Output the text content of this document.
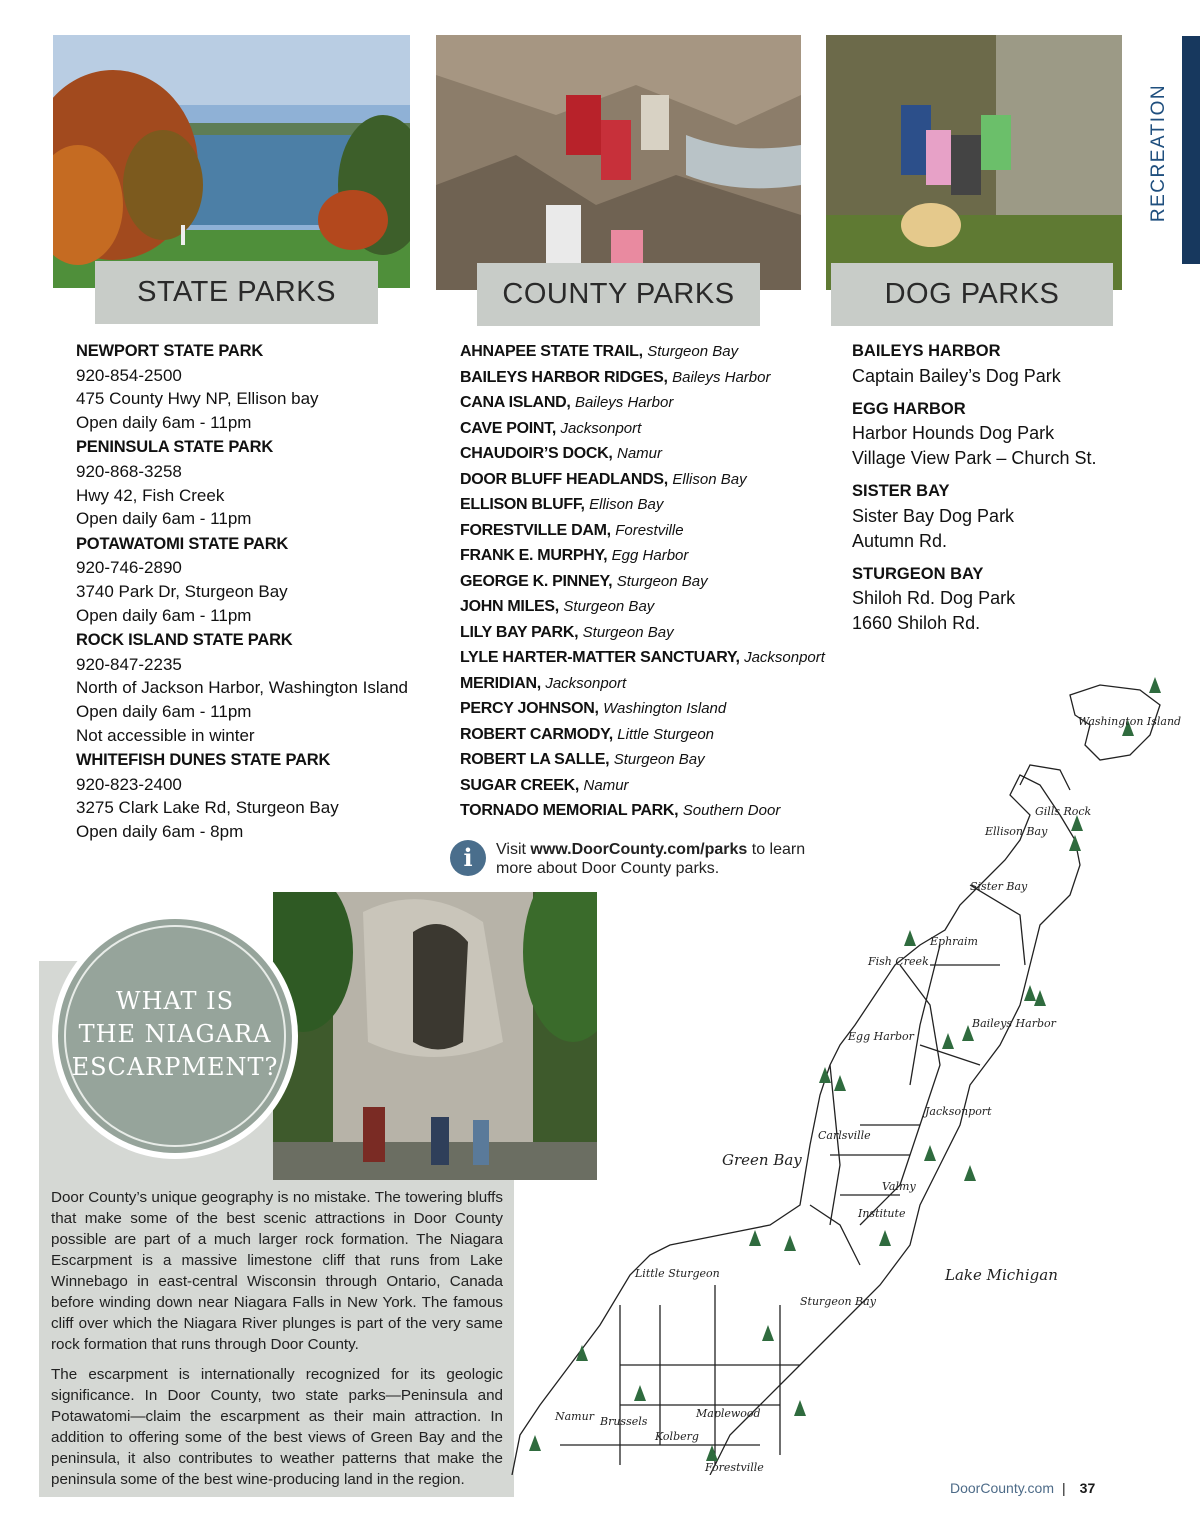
RECREATION
STATE PARKS	COUNTY PARKS	DOG PARKS
NEWPORT STATE PARK
920-854-2500
475 County Hwy NP, Ellison bay
Open daily 6am - 11pm
PENINSULA STATE PARK
920-868-3258
Hwy 42, Fish Creek
Open daily 6am - 11pm
POTAWATOMI STATE PARK
920-746-2890
3740 Park Dr, Sturgeon Bay
Open daily 6am - 11pm
ROCK ISLAND STATE PARK
920-847-2235
North of Jackson Harbor, Washington Island
Open daily 6am - 11pm
Not accessible in winter
WHITEFISH DUNES STATE PARK
920-823-2400
3275 Clark Lake Rd, Sturgeon Bay
Open daily 6am - 8pm
AHNAPEE STATE TRAIL, Sturgeon Bay
BAILEYS HARBOR RIDGES, Baileys Harbor
CANA ISLAND, Baileys Harbor
CAVE POINT, Jacksonport
CHAUDOIR’S DOCK, Namur
DOOR BLUFF HEADLANDS, Ellison Bay
ELLISON BLUFF, Ellison Bay
FORESTVILLE DAM, Forestville
FRANK E. MURPHY, Egg Harbor
GEORGE K. PINNEY, Sturgeon Bay
JOHN MILES, Sturgeon Bay
LILY BAY PARK, Sturgeon Bay
LYLE HARTER-MATTER SANCTUARY, Jacksonport
MERIDIAN, Jacksonport
PERCY JOHNSON, Washington Island
ROBERT CARMODY, Little Sturgeon
ROBERT LA SALLE, Sturgeon Bay
SUGAR CREEK, Namur
TORNADO MEMORIAL PARK, Southern Door
BAILEYS HARBOR
Captain Bailey’s Dog Park
EGG HARBOR
Harbor Hounds Dog Park
Village View Park – Church St.
SISTER BAY
Sister Bay Dog Park
Autumn Rd.
STURGEON BAY
Shiloh Rd. Dog Park
1660 Shiloh Rd.
i	Visit www.DoorCounty.com/parks to learn more about Door County parks.
WHAT IS
THE NIAGARA
ESCARPMENT?

Door County’s unique geography is no mistake. The towering bluffs that make some of the best scenic attractions in Door County possible are part of a much larger rock formation. The Niagara Escarpment is a massive limestone cliff that runs from Lake Winnebago in east-central Wisconsin through Ontario, Canada before winding down near Niagara Falls in New York. The famous cliff over which the Niagara River plunges is part of the very same rock formation that runs through Door County.

The escarpment is internationally recognized for its geologic significance. In Door County, two state parks—Peninsula and Potawatomi—claim the escarpment as their main attraction. In addition to offering some of the best views of Green Bay and the peninsula, it also contributes to weather patterns that make the peninsula some of the best wine-producing land in the region.

Washington Island
Gills Rock
Ellison Bay
Sister Bay
Ephraim
Fish Creek
Baileys Harbor
Egg Harbor
Jacksonport
Carlsville
Valmy
Institute
Little Sturgeon
Sturgeon Bay
Namur Brussels
Maplewood
Kolberg
Forestville
Green Bay
Lake Michigan
DoorCounty.com | 37
